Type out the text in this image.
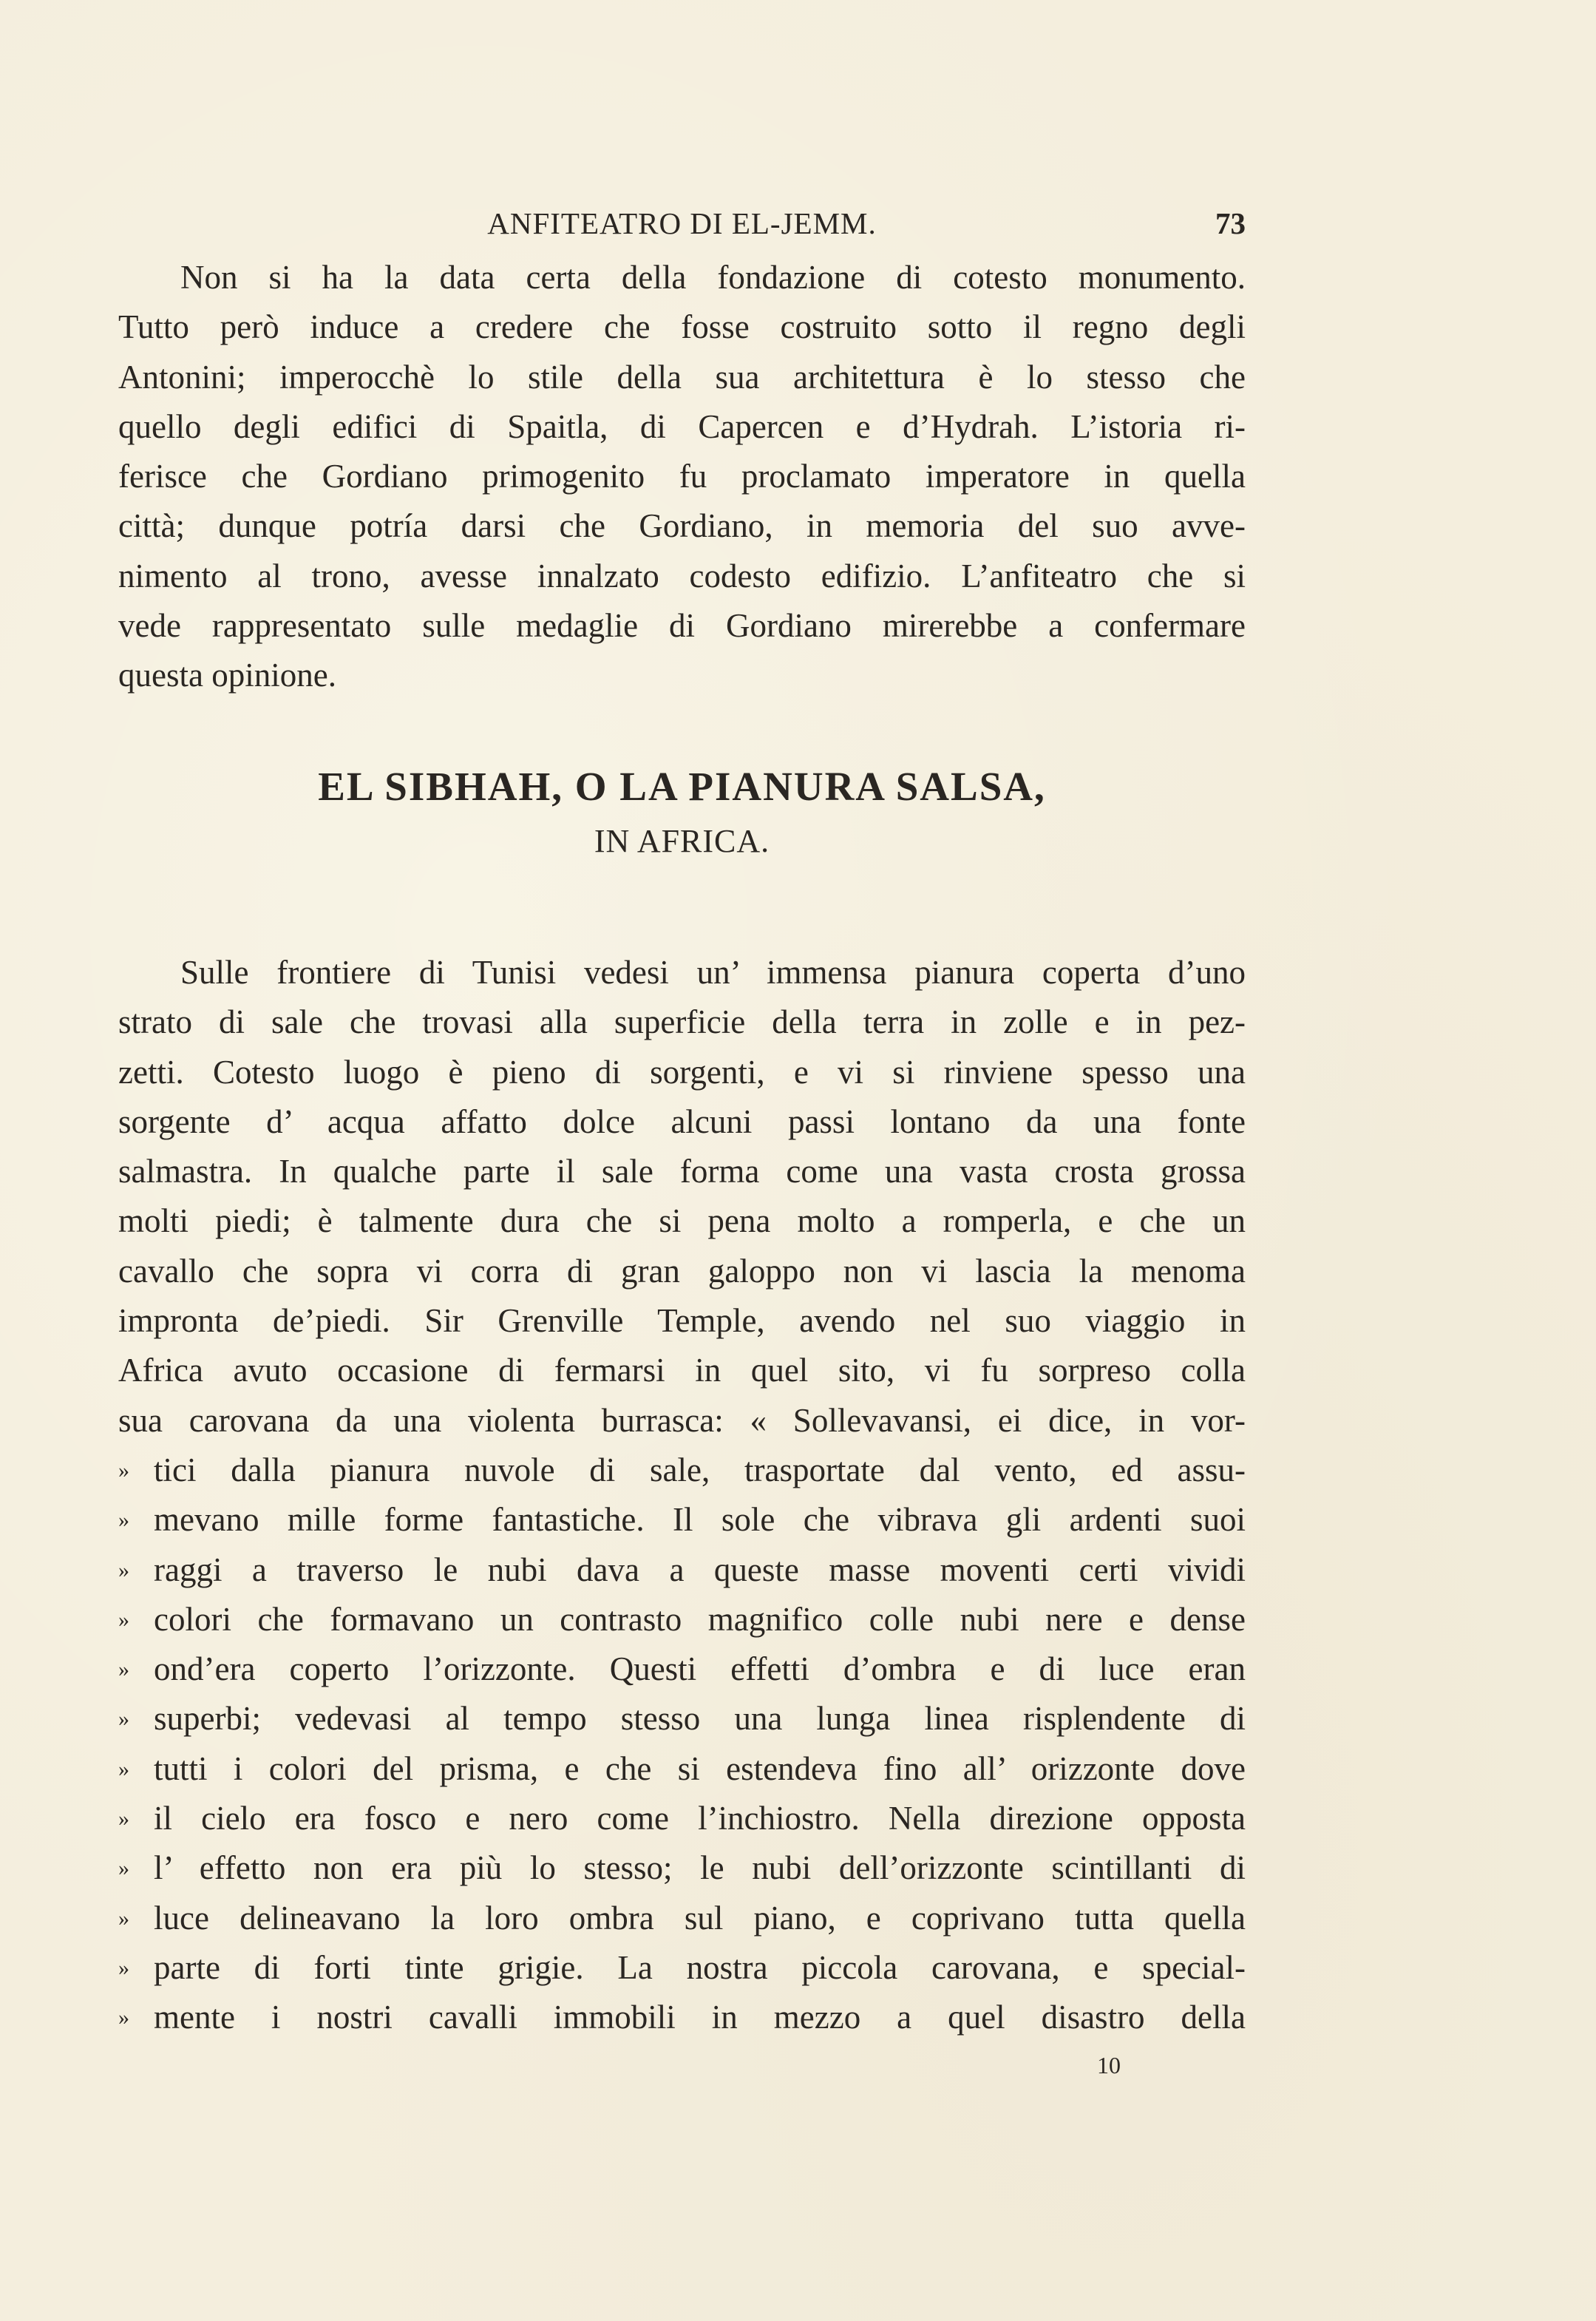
ANFITEATRO DI EL-JEMM.	73
Non si ha la data certa della fondazione di cotesto monumento.
Tutto però induce a credere che fosse costruito sotto il regno degli
Antonini; imperocchè lo stile della sua architettura è lo stesso che
quello degli edifici di Spaitla, di Capercen e d’Hydrah. L’istoria ri-
ferisce che Gordiano primogenito fu proclamato imperatore in quella
città; dunque potría darsi che Gordiano, in memoria del suo avve-
nimento al trono, avesse innalzato codesto edifizio. L’anfiteatro che si
vede rappresentato sulle medaglie di Gordiano mirerebbe a confermare
questa opinione.
EL SIBHAH, O LA PIANURA SALSA,
IN AFRICA.
Sulle frontiere di Tunisi vedesi un’ immensa pianura coperta d’uno
strato di sale che trovasi alla superficie della terra in zolle e in pez-
zetti. Cotesto luogo è pieno di sorgenti, e vi si rinviene spesso una
sorgente d’ acqua affatto dolce alcuni passi lontano da una fonte
salmastra. In qualche parte il sale forma come una vasta crosta grossa
molti piedi; è talmente dura che si pena molto a romperla, e che un
cavallo che sopra vi corra di gran galoppo non vi lascia la menoma
impronta de’piedi. Sir Grenville Temple, avendo nel suo viaggio in
Africa avuto occasione di fermarsi in quel sito, vi fu sorpreso colla
sua carovana da una violenta burrasca: « Sollevavansi, ei dice, in vor-
» tici dalla pianura nuvole di sale, trasportate dal vento, ed assu-
» mevano mille forme fantastiche. Il sole che vibrava gli ardenti suoi
» raggi a traverso le nubi dava a queste masse moventi certi vividi
» colori che formavano un contrasto magnifico colle nubi nere e dense
» ond’era coperto l’orizzonte. Questi effetti d’ombra e di luce eran
» superbi; vedevasi al tempo stesso una lunga linea risplendente di
» tutti i colori del prisma, e che si estendeva fino all’ orizzonte dove
» il cielo era fosco e nero come l’inchiostro. Nella direzione opposta
» l’ effetto non era più lo stesso; le nubi dell’orizzonte scintillanti di
» luce delineavano la loro ombra sul piano, e coprivano tutta quella
» parte di forti tinte grigie. La nostra piccola carovana, e special-
» mente i nostri cavalli immobili in mezzo a quel disastro della
10
